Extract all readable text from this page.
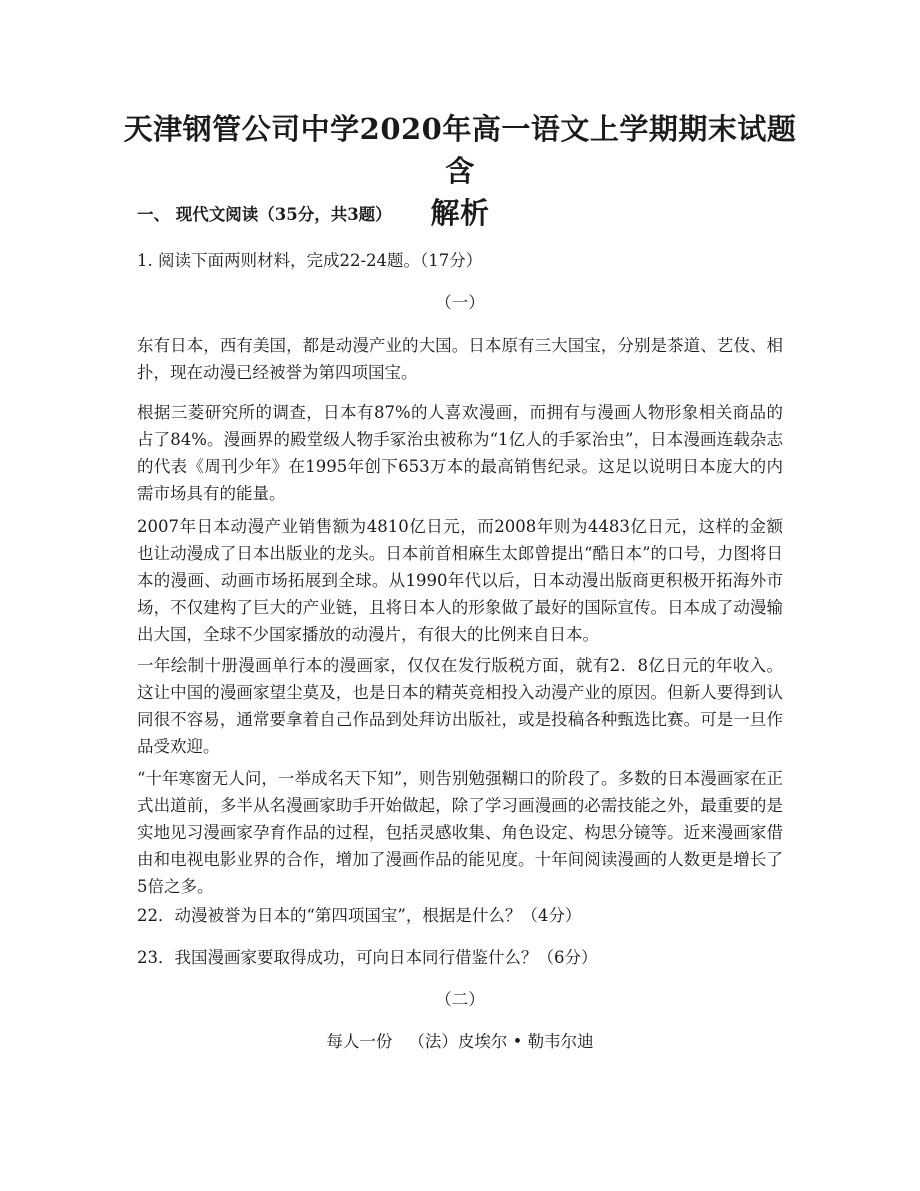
天津钢管公司中学2020年高一语文上学期期末试题含
解析
一、 现代文阅读（35分，共3题）
1. 阅读下面两则材料，完成22-24题。（17分）
（一）
东有日本，西有美国，都是动漫产业的大国。日本原有三大国宝，分别是茶道、艺伎、相扑，现在动漫已经被誉为第四项国宝。
根据三菱研究所的调查，日本有87%的人喜欢漫画，而拥有与漫画人物形象相关商品的占了84%。漫画界的殿堂级人物手冢治虫被称为“1亿人的手冢治虫”，日本漫画连载杂志的代表《周刊少年》在1995年创下653万本的最高销售纪录。这足以说明日本庞大的内需市场具有的能量。
2007年日本动漫产业销售额为4810亿日元，而2008年则为4483亿日元，这样的金额也让动漫成了日本出版业的龙头。日本前首相麻生太郎曾提出“酷日本”的口号，力图将日本的漫画、动画市场拓展到全球。从1990年代以后，日本动漫出版商更积极开拓海外市场，不仅建构了巨大的产业链，且将日本人的形象做了最好的国际宣传。日本成了动漫输出大国，全球不少国家播放的动漫片，有很大的比例来自日本。
一年绘制十册漫画单行本的漫画家，仅仅在发行版税方面，就有2．8亿日元的年收入。这让中国的漫画家望尘莫及，也是日本的精英竞相投入动漫产业的原因。但新人要得到认同很不容易，通常要拿着自己作品到处拜访出版社，或是投稿各种甄选比赛。可是一旦作品受欢迎。
“十年寒窗无人问，一举成名天下知”，则告别勉强糊口的阶段了。多数的日本漫画家在正式出道前，多半从名漫画家助手开始做起，除了学习画漫画的必需技能之外，最重要的是实地见习漫画家孕育作品的过程，包括灵感收集、角色设定、构思分镜等。近来漫画家借由和电视电影业界的合作，增加了漫画作品的能见度。十年间阅读漫画的人数更是增长了5倍之多。
22．动漫被誉为日本的“第四项国宝”，根据是什么？（4分）
23．我国漫画家要取得成功，可向日本同行借鉴什么？（6分）
（二）
每人一份 （法）皮埃尔 • 勒韦尔迪
